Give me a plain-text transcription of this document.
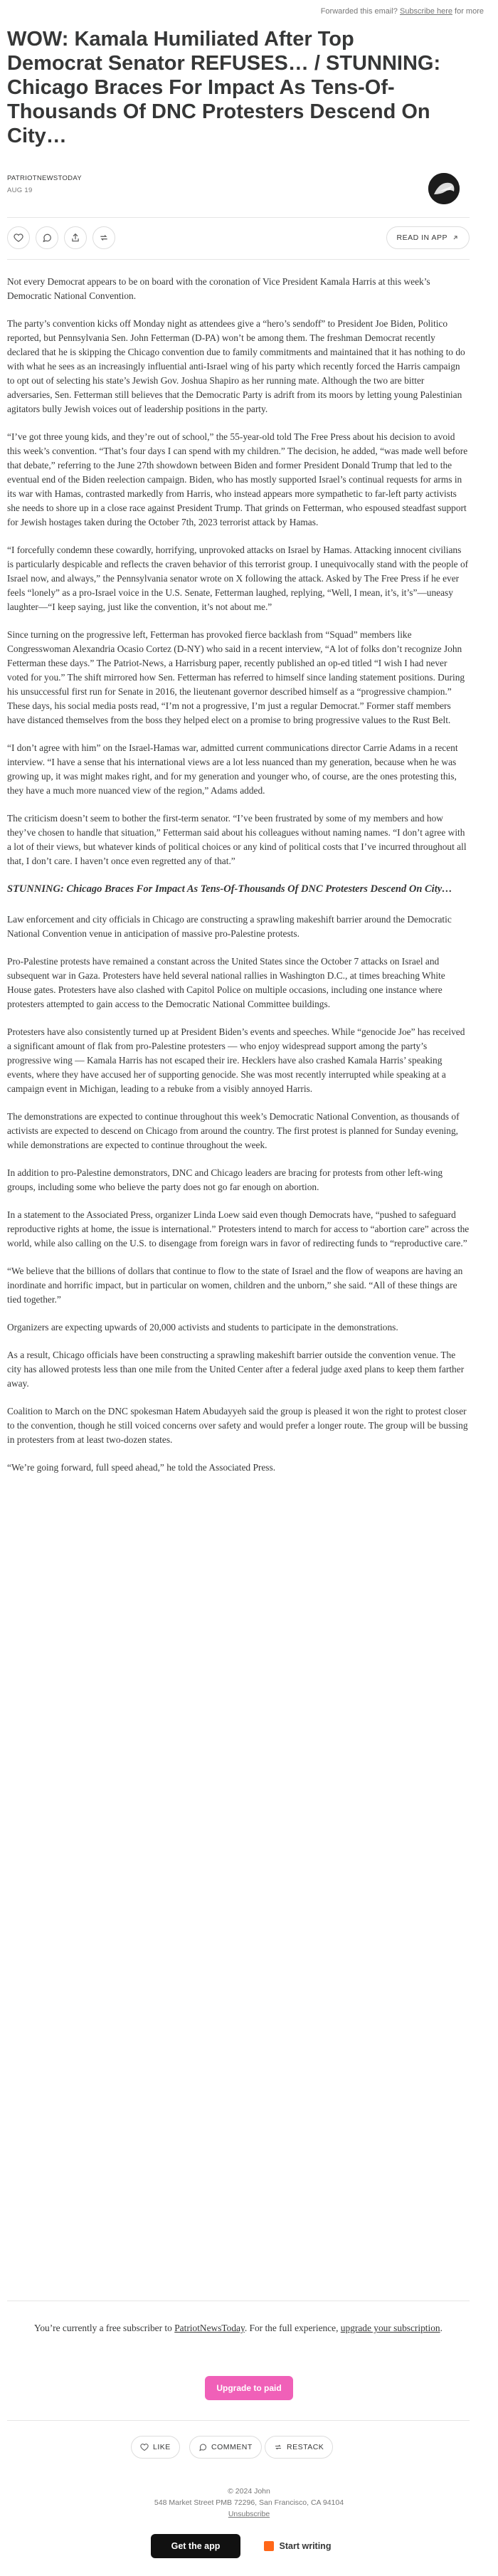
Forwarded this email? Subscribe here for more
WOW: Kamala Humiliated After Top Democrat Senator REFUSES… / STUNNING: Chicago Braces For Impact As Tens-Of-Thousands Of DNC Protesters Descend On City…
PATRIOTNEWSTODAY
AUG 19
READ IN APP

Not every Democrat appears to be on board with the coronation of Vice President Kamala Harris at this week’s Democratic National Convention.

The party’s convention kicks off Monday night as attendees give a “hero’s sendoff” to President Joe Biden, Politico reported, but Pennsylvania Sen. John Fetterman (D-PA) won’t be among them. The freshman Democrat recently declared that he is skipping the Chicago convention due to family commitments and maintained that it has nothing to do with what he sees as an increasingly influential anti-Israel wing of his party which recently forced the Harris campaign to opt out of selecting his state’s Jewish Gov. Joshua Shapiro as her running mate. Although the two are bitter adversaries, Sen. Fetterman still believes that the Democratic Party is adrift from its moors by letting young Palestinian agitators bully Jewish voices out of leadership positions in the party.

“I’ve got three young kids, and they’re out of school,” the 55-year-old told The Free Press about his decision to avoid this week’s convention. “That’s four days I can spend with my children.” The decision, he added, “was made well before that debate,” referring to the June 27th showdown between Biden and former President Donald Trump that led to the eventual end of the Biden reelection campaign. Biden, who has mostly supported Israel’s continual requests for arms in its war with Hamas, contrasted markedly from Harris, who instead appears more sympathetic to far-left party activists she needs to shore up in a close race against President Trump. That grinds on Fetterman, who espoused steadfast support for Jewish hostages taken during the October 7th, 2023 terrorist attack by Hamas.

“I forcefully condemn these cowardly, horrifying, unprovoked attacks on Israel by Hamas. Attacking innocent civilians is particularly despicable and reflects the craven behavior of this terrorist group. I unequivocally stand with the people of Israel now, and always,” the Pennsylvania senator wrote on X following the attack. Asked by The Free Press if he ever feels “lonely” as a pro-Israel voice in the U.S. Senate, Fetterman laughed, replying, “Well, I mean, it’s, it’s”—uneasy laughter—“I keep saying, just like the convention, it’s not about me.”

Since turning on the progressive left, Fetterman has provoked fierce backlash from “Squad” members like Congresswoman Alexandria Ocasio Cortez (D-NY) who said in a recent interview, “A lot of folks don’t recognize John Fetterman these days.” The Patriot-News, a Harrisburg paper, recently published an op-ed titled “I wish I had never voted for you.” The shift mirrored how Sen. Fetterman has referred to himself since landing statement positions. During his unsuccessful first run for Senate in 2016, the lieutenant governor described himself as a “progressive champion.” These days, his social media posts read, “I’m not a progressive, I’m just a regular Democrat.” Former staff members have distanced themselves from the boss they helped elect on a promise to bring progressive values to the Rust Belt.

“I don’t agree with him” on the Israel-Hamas war, admitted current communications director Carrie Adams in a recent interview. “I have a sense that his international views are a lot less nuanced than my generation, because when he was growing up, it was might makes right, and for my generation and younger who, of course, are the ones protesting this, they have a much more nuanced view of the region,” Adams added.

The criticism doesn’t seem to bother the first-term senator. “I’ve been frustrated by some of my members and how they’ve chosen to handle that situation,” Fetterman said about his colleagues without naming names. “I don’t agree with a lot of their views, but whatever kinds of political choices or any kind of political costs that I’ve incurred throughout all that, I don’t care. I haven’t once even regretted any of that.”

STUNNING: Chicago Braces For Impact As Tens-Of-Thousands Of DNC Protesters Descend On City…

Law enforcement and city officials in Chicago are constructing a sprawling makeshift barrier around the Democratic National Convention venue in anticipation of massive pro-Palestine protests.

Pro-Palestine protests have remained a constant across the United States since the October 7 attacks on Israel and subsequent war in Gaza. Protesters have held several national rallies in Washington D.C., at times breaching White House gates. Protesters have also clashed with Capitol Police on multiple occasions, including one instance where protesters attempted to gain access to the Democratic National Committee buildings.

Protesters have also consistently turned up at President Biden’s events and speeches. While “genocide Joe” has received a significant amount of flak from pro-Palestine protesters — who enjoy widespread support among the party’s progressive wing — Kamala Harris has not escaped their ire. Hecklers have also crashed Kamala Harris’ speaking events, where they have accused her of supporting genocide. She was most recently interrupted while speaking at a campaign event in Michigan, leading to a rebuke from a visibly annoyed Harris.

The demonstrations are expected to continue throughout this week’s Democratic National Convention, as thousands of activists are expected to descend on Chicago from around the country. The first protest is planned for Sunday evening, while demonstrations are expected to continue throughout the week.

In addition to pro-Palestine demonstrators, DNC and Chicago leaders are bracing for protests from other left-wing groups, including some who believe the party does not go far enough on abortion.

In a statement to the Associated Press, organizer Linda Loew said even though Democrats have, “pushed to safeguard reproductive rights at home, the issue is international.” Protesters intend to march for access to “abortion care” across the world, while also calling on the U.S. to disengage from foreign wars in favor of redirecting funds to “reproductive care.”

“We believe that the billions of dollars that continue to flow to the state of Israel and the flow of weapons are having an inordinate and horrific impact, but in particular on women, children and the unborn,” she said. “All of these things are tied together.”

Organizers are expecting upwards of 20,000 activists and students to participate in the demonstrations.

As a result, Chicago officials have been constructing a sprawling makeshift barrier outside the convention venue. The city has allowed protests less than one mile from the United Center after a federal judge axed plans to keep them farther away.

Coalition to March on the DNC spokesman Hatem Abudayyeh said the group is pleased it won the right to protest closer to the convention, though he still voiced concerns over safety and would prefer a longer route. The group will be bussing in protesters from at least two-dozen states.

“We’re going forward, full speed ahead,” he told the Associated Press.

You’re currently a free subscriber to PatriotNewsToday. For the full experience, upgrade your subscription.
Upgrade to paid
LIKE	COMMENT	RESTACK
© 2024 John
548 Market Street PMB 72296, San Francisco, CA 94104
Unsubscribe
Get the app	Start writing
